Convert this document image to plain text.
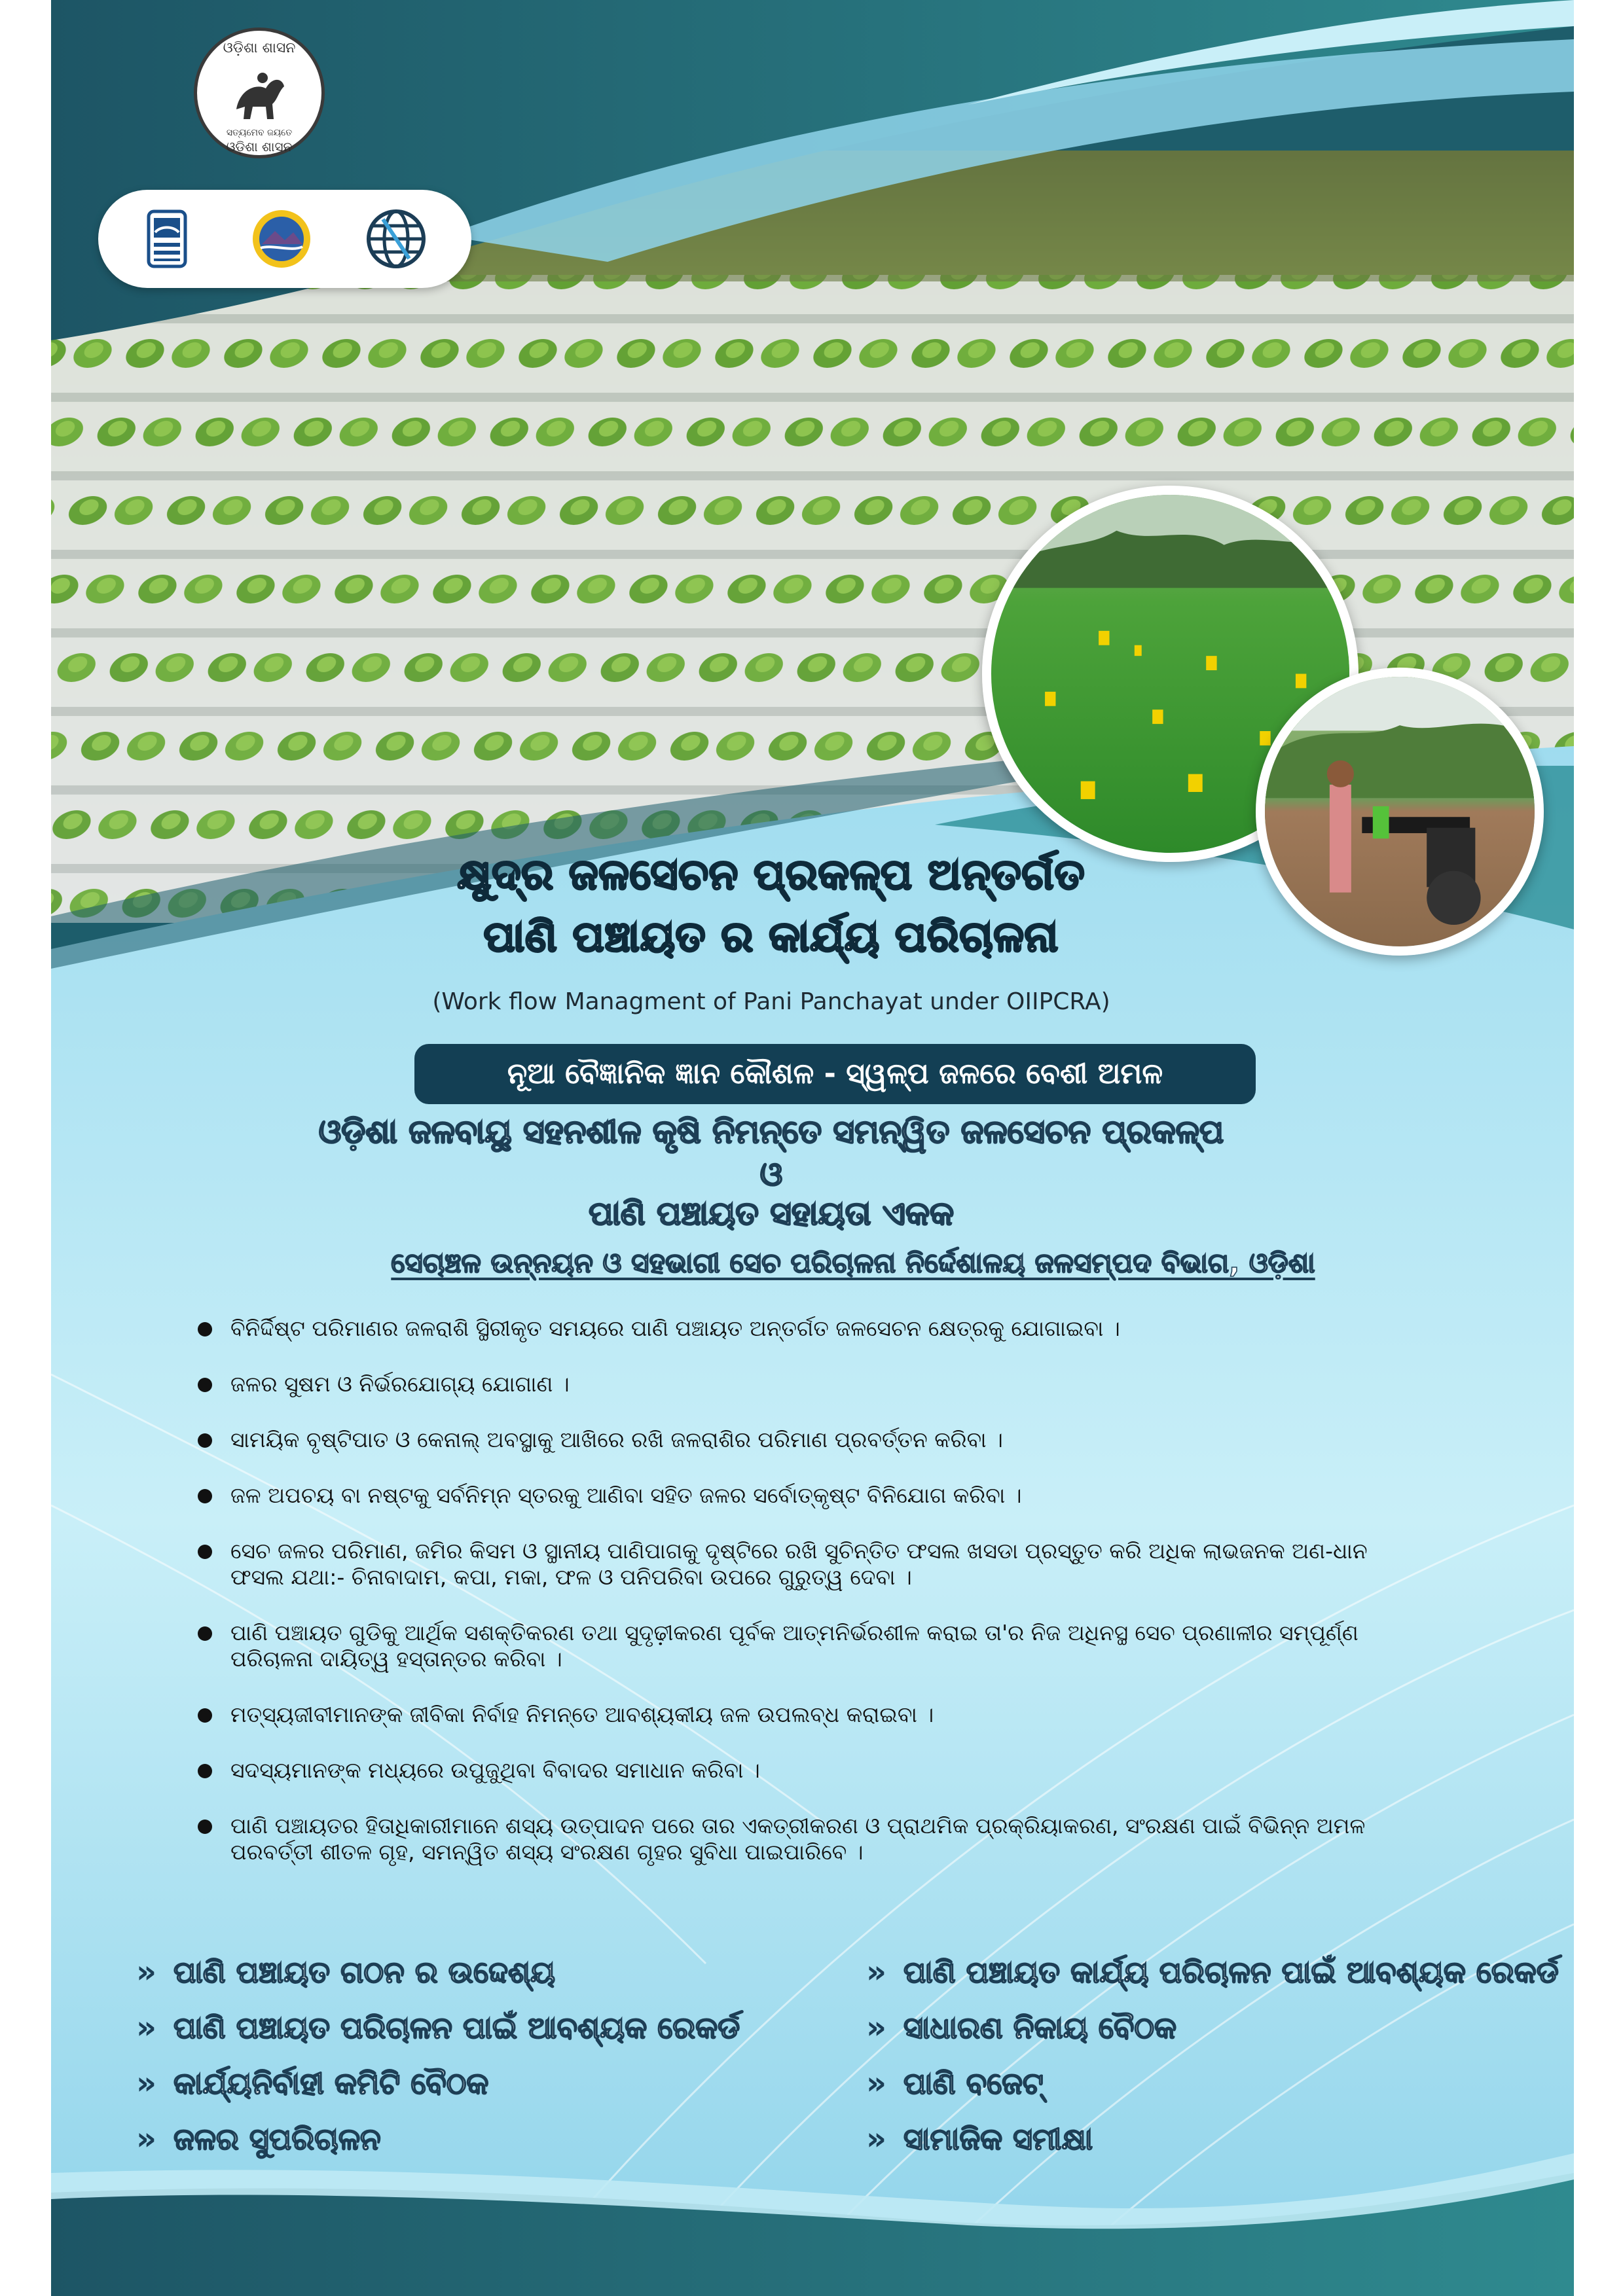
ଓଡ଼ିଶା ଶାସନ
ସତ୍ୟମେବ ଜୟତେ
ଓଡ଼ିଶା ଶାସନ
କ୍ଷୁଦ୍ର ଜଳସେଚନ ପ୍ରକଳ୍ପ ଅନ୍ତର୍ଗତ
ପାଣି ପଞ୍ଚାୟତ ର କାର୍ଯ୍ୟ ପରିଚାଳନା
(Work flow Managment of Pani Panchayat under OIIPCRA)
ନୂଆ ବୈଜ୍ଞାନିକ ଜ୍ଞାନ କୌଶଳ - ସ୍ୱଳ୍ପ ଜଳରେ ବେଶୀ ଅମଳ
ଓଡ଼ିଶା ଜଳବାୟୁ ସହନଶୀଳ କୃଷି ନିମନ୍ତେ ସମନ୍ୱିତ ଜଳସେଚନ ପ୍ରକଳ୍ପ
ଓ
ପାଣି ପଞ୍ଚାୟତ ସହାୟତା ଏକକ
ସେଚାଞ୍ଚଳ ଉନ୍ନୟନ ଓ ସହଭାଗୀ ସେଚ ପରିଚାଳନା ନିର୍ଦ୍ଦେଶାଳୟ ଜଳସମ୍ପଦ ବିଭାଗ, ଓଡ଼ିଶା
ବିନିର୍ଦ୍ଦିଷ୍ଟ ପରିମାଣର ଜଳରାଶି ସ୍ଥିରୀକୃତ ସମୟରେ ପାଣି ପଞ୍ଚାୟତ ଅନ୍ତର୍ଗତ ଜଳସେଚନ କ୍ଷେତ୍ରକୁ ଯୋଗାଇବା ।
ଜଳର ସୁଷମ ଓ ନିର୍ଭରଯୋଗ୍ୟ ଯୋଗାଣ ।
ସାମୟିକ ବୃଷ୍ଟିପାତ ଓ କେନାଲ୍ ଅବସ୍ଥାକୁ ଆଖିରେ ରଖି ଜଳରାଶିର ପରିମାଣ ପ୍ରବର୍ତ୍ତନ କରିବା ।
ଜଳ ଅପଚୟ ବା ନଷ୍ଟକୁ ସର୍ବନିମ୍ନ ସ୍ତରକୁ ଆଣିବା ସହିତ ଜଳର ସର୍ବୋତ୍କୃଷ୍ଟ ବିନିଯୋଗ କରିବା ।
ସେଚ ଜଳର ପରିମାଣ, ଜମିର କିସମ ଓ ସ୍ଥାନୀୟ ପାଣିପାଗକୁ ଦୃଷ୍ଟିରେ ରଖି ସୁଚିନ୍ତିତ ଫସଲ ଖସଡା ପ୍ରସ୍ତୁତ କରି ଅଧିକ ଲାଭଜନକ ଅଣ-ଧାନ ଫସଲ ଯଥା:- ଚିନାବାଦାମ, କପା, ମକା, ଫଳ ଓ ପନିପରିବା ଉପରେ ଗୁରୁତ୍ୱ ଦେବା ।
ପାଣି ପଞ୍ଚାୟତ ଗୁଡିକୁ ଆର୍ଥିକ ସଶକ୍ତିକରଣ ତଥା ସୁଦୃଢ଼ୀକରଣ ପୂର୍ବକ ଆତ୍ମନିର୍ଭରଶୀଳ କରାଇ ତା'ର ନିଜ ଅଧିନସ୍ଥ ସେଚ ପ୍ରଣାଳୀର ସମ୍ପୂର୍ଣ୍ଣ ପରିଚାଳନା ଦାୟିତ୍ୱ ହସ୍ତାନ୍ତର କରିବା ।
ମତ୍ସ୍ୟଜୀବୀମାନଙ୍କ ଜୀବିକା ନିର୍ବାହ ନିମନ୍ତେ ଆବଶ୍ୟକୀୟ ଜଳ ଉପଲବ୍ଧ କରାଇବା ।
ସଦସ୍ୟମାନଙ୍କ ମଧ୍ୟରେ ଉପୁଜୁଥିବା ବିବାଦର ସମାଧାନ କରିବା ।
ପାଣି ପଞ୍ଚାୟତର ହିତାଧିକାରୀମାନେ ଶସ୍ୟ ଉତ୍ପାଦନ ପରେ ତାର ଏକତ୍ରୀକରଣ ଓ ପ୍ରାଥମିକ ପ୍ରକ୍ରିୟାକରଣ, ସଂରକ୍ଷଣ ପାଇଁ ବିଭିନ୍ନ ଅମଳ ପରବର୍ତ୍ତୀ ଶୀତଳ ଗୃହ, ସମନ୍ୱିତ ଶସ୍ୟ ସଂରକ୍ଷଣ ଗୃହର ସୁବିଧା ପାଇପାରିବେ ।
» ପାଣି ପଞ୍ଚାୟତ ଗଠନ ର ଉଦ୍ଦେଶ୍ୟ
» ପାଣି ପଞ୍ଚାୟତ ପରିଚାଳନ ପାଇଁ ଆବଶ୍ୟକ ରେକର୍ଡ
» କାର୍ଯ୍ୟନିର୍ବାହୀ କମିଟି ବୈଠକ
» ଜଳର ସୁପରିଚାଳନ
» ପାଣି ପଞ୍ଚାୟତ କାର୍ଯ୍ୟ ପରିଚାଳନ ପାଇଁ ଆବଶ୍ୟକ ରେକର୍ଡ
» ସାଧାରଣ ନିକାୟ ବୈଠକ
» ପାଣି ବଜେଟ୍
» ସାମାଜିକ ସମୀକ୍ଷା
